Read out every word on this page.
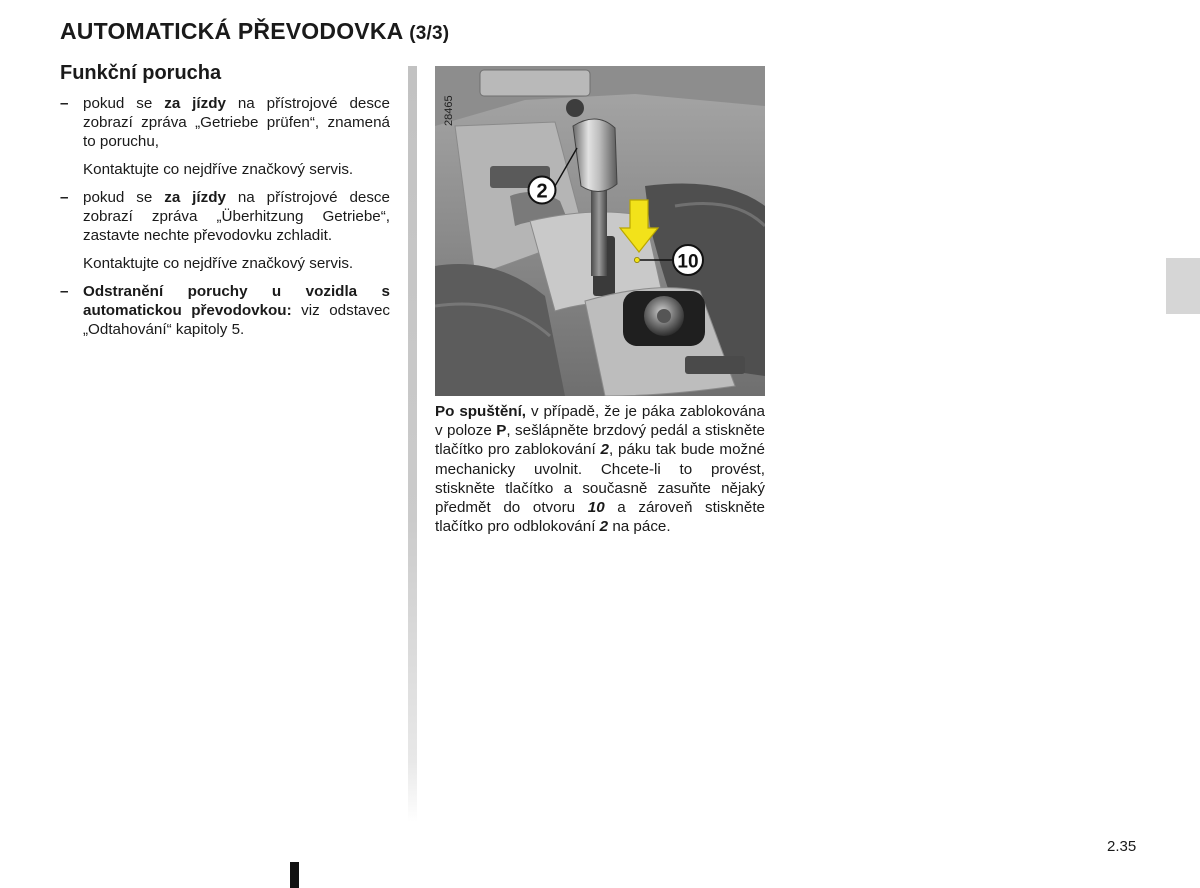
AUTOMATICKÁ PŘEVODOVKA (3/3)
Funkční porucha
– pokud se za jízdy na přístrojové desce zobrazí zpráva „Getriebe prüfen“, znamená to poruchu,
Kontaktujte co nejdříve značkový servis.
– pokud se za jízdy na přístrojové desce zobrazí zpráva „Überhitzung Getriebe“, zastavte nechte převodovku zchladit.
Kontaktujte co nejdříve značkový servis.
– Odstranění poruchy u vozidla s automatickou převodovkou: viz odstavec „Odtahování“ kapitoly 5.
2
10
28465
Po spuštění, v případě, že je páka zablokována v poloze P, sešlápněte brzdový pedál a stiskněte tlačítko pro zablokování 2, páku tak bude možné mechanicky uvolnit. Chcete-li to provést, stiskněte tlačítko a současně zasuňte nějaký předmět do otvoru 10 a zároveň stiskněte tlačítko pro odblokování 2 na páce.
2.35
